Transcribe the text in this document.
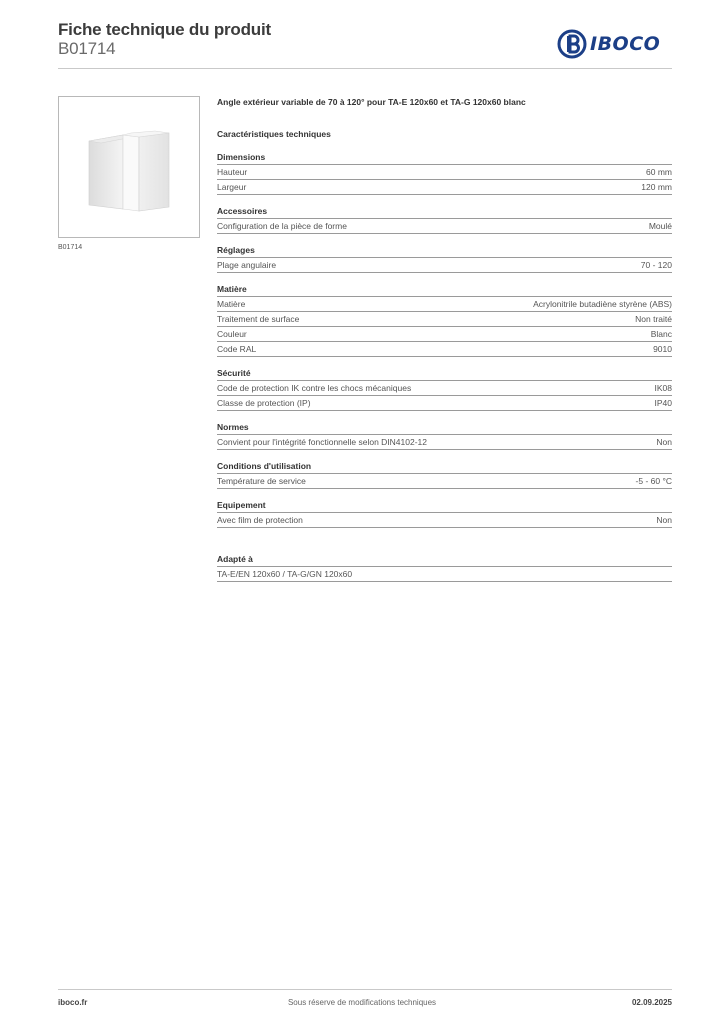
Fiche technique du produit
B01714	IBOCO
B01714
Angle extérieur variable de 70 à 120° pour TA-E 120x60 et TA-G 120x60 blanc
Caractéristiques techniques
Dimensions
Hauteur	60 mm
Largeur	120 mm
Accessoires
Configuration de la pièce de forme	Moulé
Réglages
Plage angulaire	70 - 120
Matière
Matière	Acrylonitrile butadiène styrène (ABS)
Traitement de surface	Non traité
Couleur	Blanc
Code RAL	9010
Sécurité
Code de protection IK contre les chocs mécaniques	IK08
Classe de protection (IP)	IP40
Normes
Convient pour l'intégrité fonctionnelle selon DIN4102-12	Non
Conditions d'utilisation
Température de service	-5 - 60 °C
Equipement
Avec film de protection	Non
Adapté à
TA-E/EN 120x60 / TA-G/GN 120x60
iboco.fr	Sous réserve de modifications techniques	02.09.2025
